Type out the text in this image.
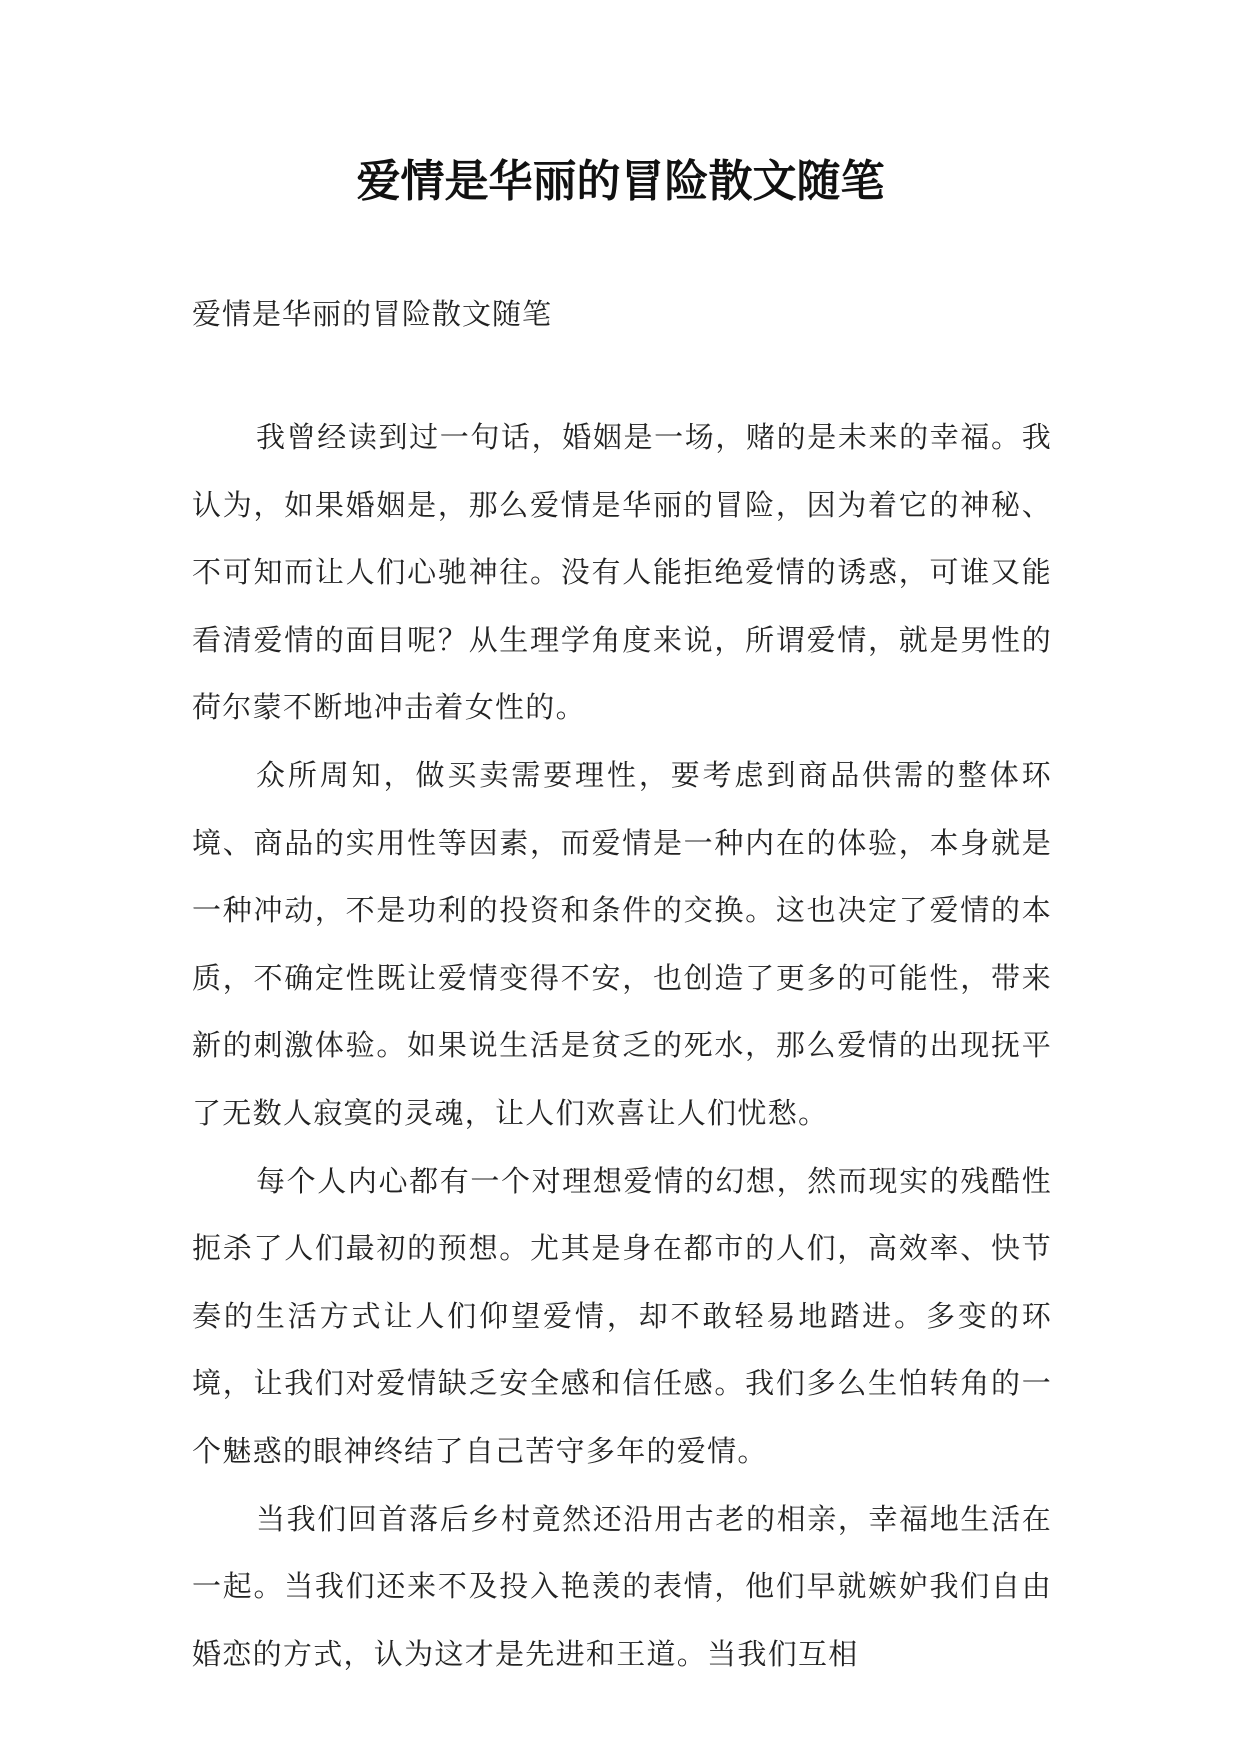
爱情是华丽的冒险散文随笔

爱情是华丽的冒险散文随笔

我曾经读到过一句话，婚姻是一场，赌的是未来的幸福。我认为，如果婚姻是，那么爱情是华丽的冒险，因为着它的神秘、不可知而让人们心驰神往。没有人能拒绝爱情的诱惑，可谁又能看清爱情的面目呢？从生理学角度来说，所谓爱情，就是男性的荷尔蒙不断地冲击着女性的。

众所周知，做买卖需要理性，要考虑到商品供需的整体环境、商品的实用性等因素，而爱情是一种内在的体验，本身就是一种冲动，不是功利的投资和条件的交换。这也决定了爱情的本质，不确定性既让爱情变得不安，也创造了更多的可能性，带来新的刺激体验。如果说生活是贫乏的死水，那么爱情的出现抚平了无数人寂寞的灵魂，让人们欢喜让人们忧愁。

每个人内心都有一个对理想爱情的幻想，然而现实的残酷性扼杀了人们最初的预想。尤其是身在都市的人们，高效率、快节奏的生活方式让人们仰望爱情，却不敢轻易地踏进。多变的环境，让我们对爱情缺乏安全感和信任感。我们多么生怕转角的一个魅惑的眼神终结了自己苦守多年的爱情。

当我们回首落后乡村竟然还沿用古老的相亲，幸福地生活在一起。当我们还来不及投入艳羡的表情，他们早就嫉妒我们自由婚恋的方式，认为这才是先进和王道。当我们互相
